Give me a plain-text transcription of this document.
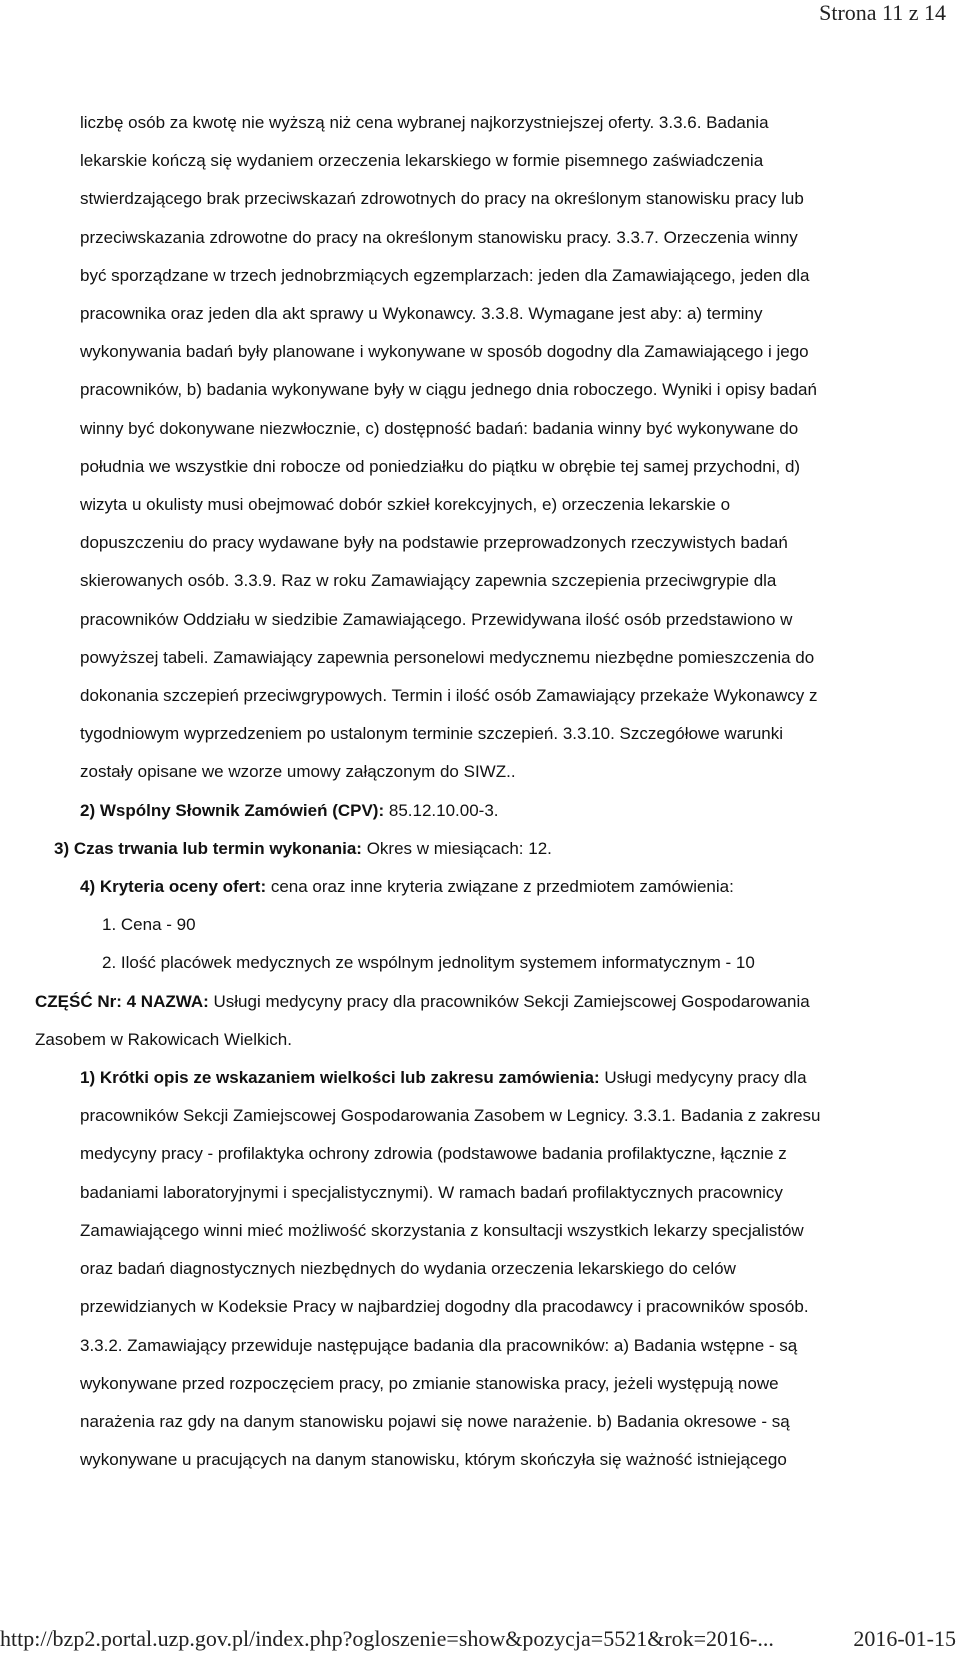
Strona 11 z 14

liczbę osób za kwotę nie wyższą niż cena wybranej najkorzystniejszej oferty. 3.3.6. Badania

lekarskie kończą się wydaniem orzeczenia lekarskiego w formie pisemnego zaświadczenia

stwierdzającego brak przeciwskazań zdrowotnych do pracy na określonym stanowisku pracy lub

przeciwskazania zdrowotne do pracy na określonym stanowisku pracy. 3.3.7. Orzeczenia winny

być sporządzane w trzech jednobrzmiących egzemplarzach: jeden dla Zamawiającego, jeden dla

pracownika oraz jeden dla akt sprawy u Wykonawcy. 3.3.8. Wymagane jest aby: a) terminy

wykonywania badań były planowane i wykonywane w sposób dogodny dla Zamawiającego i jego

pracowników, b) badania wykonywane były w ciągu jednego dnia roboczego. Wyniki i opisy badań

winny być dokonywane niezwłocznie, c) dostępność badań: badania winny być wykonywane do

południa we wszystkie dni robocze od poniedziałku do piątku w obrębie tej samej przychodni, d)

wizyta u okulisty musi obejmować dobór szkieł korekcyjnych, e) orzeczenia lekarskie o

dopuszczeniu do pracy wydawane były na podstawie przeprowadzonych rzeczywistych badań

skierowanych osób. 3.3.9. Raz w roku Zamawiający zapewnia szczepienia przeciwgrypie dla

pracowników Oddziału w siedzibie Zamawiającego. Przewidywana ilość osób przedstawiono w

powyższej tabeli. Zamawiający zapewnia personelowi medycznemu niezbędne pomieszczenia do

dokonania szczepień przeciwgrypowych. Termin i ilość osób Zamawiający przekaże Wykonawcy z

tygodniowym wyprzedzeniem po ustalonym terminie szczepień. 3.3.10. Szczegółowe warunki

zostały opisane we wzorze umowy załączonym do SIWZ..

2) Wspólny Słownik Zamówień (CPV): 85.12.10.00-3.

3) Czas trwania lub termin wykonania: Okres w miesiącach: 12.

4) Kryteria oceny ofert: cena oraz inne kryteria związane z przedmiotem zamówienia:

1. Cena - 90

2. Ilość placówek medycznych ze wspólnym jednolitym systemem informatycznym - 10

CZĘŚĆ Nr: 4 NAZWA: Usługi medycyny pracy dla pracowników Sekcji Zamiejscowej Gospodarowania

Zasobem w Rakowicach Wielkich.

1) Krótki opis ze wskazaniem wielkości lub zakresu zamówienia: Usługi medycyny pracy dla

pracowników Sekcji Zamiejscowej Gospodarowania Zasobem w Legnicy. 3.3.1. Badania z zakresu

medycyny pracy - profilaktyka ochrony zdrowia (podstawowe badania profilaktyczne, łącznie z

badaniami laboratoryjnymi i specjalistycznymi). W ramach badań profilaktycznych pracownicy

Zamawiającego winni mieć możliwość skorzystania z konsultacji wszystkich lekarzy specjalistów

oraz badań diagnostycznych niezbędnych do wydania orzeczenia lekarskiego do celów

przewidzianych w Kodeksie Pracy w najbardziej dogodny dla pracodawcy i pracowników sposób.

3.3.2. Zamawiający przewiduje następujące badania dla pracowników: a) Badania wstępne - są

wykonywane przed rozpoczęciem pracy, po zmianie stanowiska pracy, jeżeli występują nowe

narażenia raz gdy na danym stanowisku pojawi się nowe narażenie. b) Badania okresowe - są

wykonywane u pracujących na danym stanowisku, którym skończyła się ważność istniejącego

http://bzp2.portal.uzp.gov.pl/index.php?ogloszenie=show&pozycja=5521&rok=2016-...	2016-01-15
